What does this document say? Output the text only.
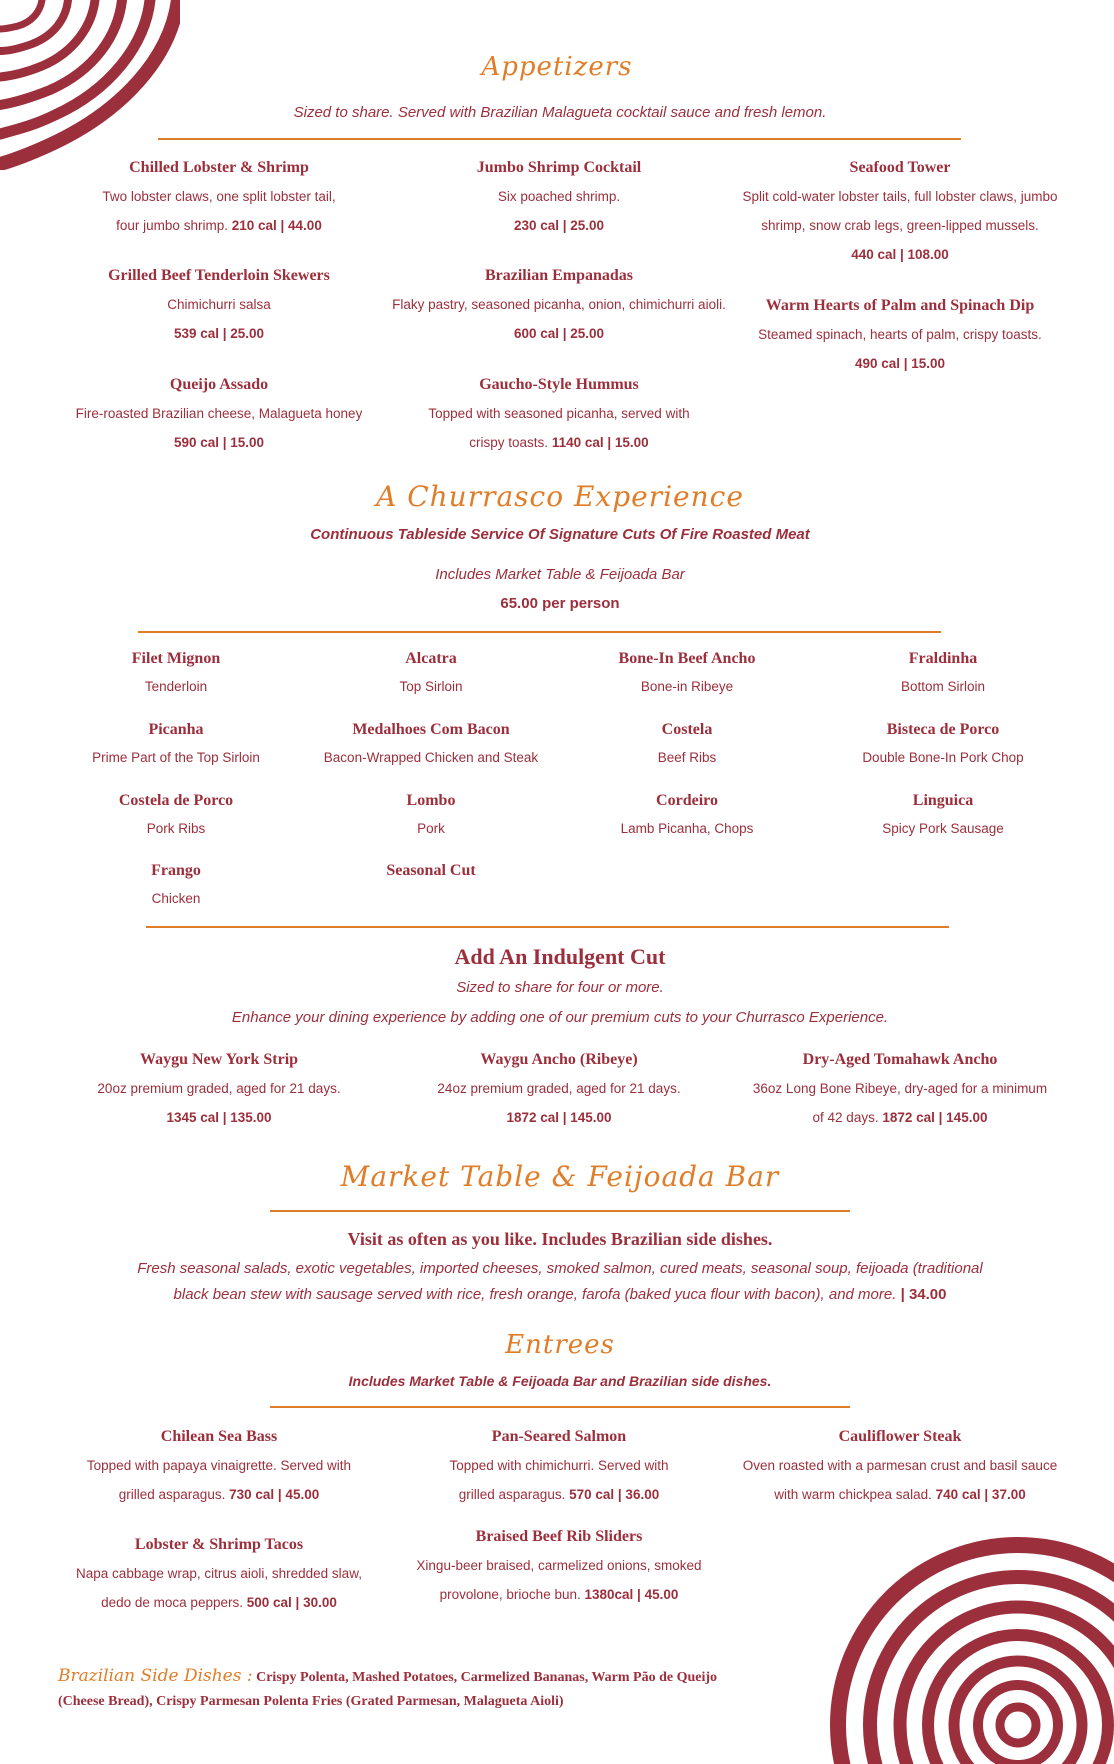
Appetizers
Sized to share. Served with Brazilian Malagueta cocktail sauce and fresh lemon.
Chilled Lobster & Shrimp
Two lobster claws, one split lobster tail,
four jumbo shrimp. 210 cal | 44.00
Jumbo Shrimp Cocktail
Six poached shrimp.
230 cal | 25.00
Seafood Tower
Split cold-water lobster tails, full lobster claws, jumbo
shrimp, snow crab legs, green-lipped mussels.
440 cal | 108.00
Grilled Beef Tenderloin Skewers
Chimichurri salsa
539 cal | 25.00
Brazilian Empanadas
Flaky pastry, seasoned picanha, onion, chimichurri aioli.
600 cal | 25.00
Warm Hearts of Palm and Spinach Dip
Steamed spinach, hearts of palm, crispy toasts.
490 cal | 15.00
Queijo Assado
Fire-roasted Brazilian cheese, Malagueta honey
590 cal | 15.00
Gaucho-Style Hummus
Topped with seasoned picanha, served with
crispy toasts. 1140 cal | 15.00
A Churrasco Experience
Continuous Tableside Service Of Signature Cuts Of Fire Roasted Meat
Includes Market Table & Feijoada Bar
65.00 per person
Filet Mignon
Tenderloin
Alcatra
Top Sirloin
Bone-In Beef Ancho
Bone-in Ribeye
Fraldinha
Bottom Sirloin
Picanha
Prime Part of the Top Sirloin
Medalhoes Com Bacon
Bacon-Wrapped Chicken and Steak
Costela
Beef Ribs
Bisteca de Porco
Double Bone-In Pork Chop
Costela de Porco
Pork Ribs
Lombo
Pork
Cordeiro
Lamb Picanha, Chops
Linguica
Spicy Pork Sausage
Frango
Chicken
Seasonal Cut
Add An Indulgent Cut
Sized to share for four or more.
Enhance your dining experience by adding one of our premium cuts to your Churrasco Experience.
Waygu New York Strip
20oz premium graded, aged for 21 days.
1345 cal | 135.00
Waygu Ancho (Ribeye)
24oz premium graded, aged for 21 days.
1872 cal | 145.00
Dry-Aged Tomahawk Ancho
36oz Long Bone Ribeye, dry-aged for a minimum
of 42 days. 1872 cal | 145.00
Market Table & Feijoada Bar
Visit as often as you like. Includes Brazilian side dishes.
Fresh seasonal salads, exotic vegetables, imported cheeses, smoked salmon, cured meats, seasonal soup, feijoada (traditional
black bean stew with sausage served with rice, fresh orange, farofa (baked yuca flour with bacon), and more. | 34.00
Entrees
Includes Market Table & Feijoada Bar and Brazilian side dishes.
Chilean Sea Bass
Topped with papaya vinaigrette. Served with
grilled asparagus. 730 cal | 45.00
Pan-Seared Salmon
Topped with chimichurri. Served with
grilled asparagus. 570 cal | 36.00
Cauliflower Steak
Oven roasted with a parmesan crust and basil sauce
with warm chickpea salad. 740 cal | 37.00
Lobster & Shrimp Tacos
Napa cabbage wrap, citrus aioli, shredded slaw,
dedo de moca peppers. 500 cal | 30.00
Braised Beef Rib Sliders
Xingu-beer braised, carmelized onions, smoked
provolone, brioche bun. 1380cal | 45.00
Brazilian Side Dishes : Crispy Polenta, Mashed Potatoes, Carmelized Bananas, Warm Pão de Queijo
(Cheese Bread), Crispy Parmesan Polenta Fries (Grated Parmesan, Malagueta Aioli)
